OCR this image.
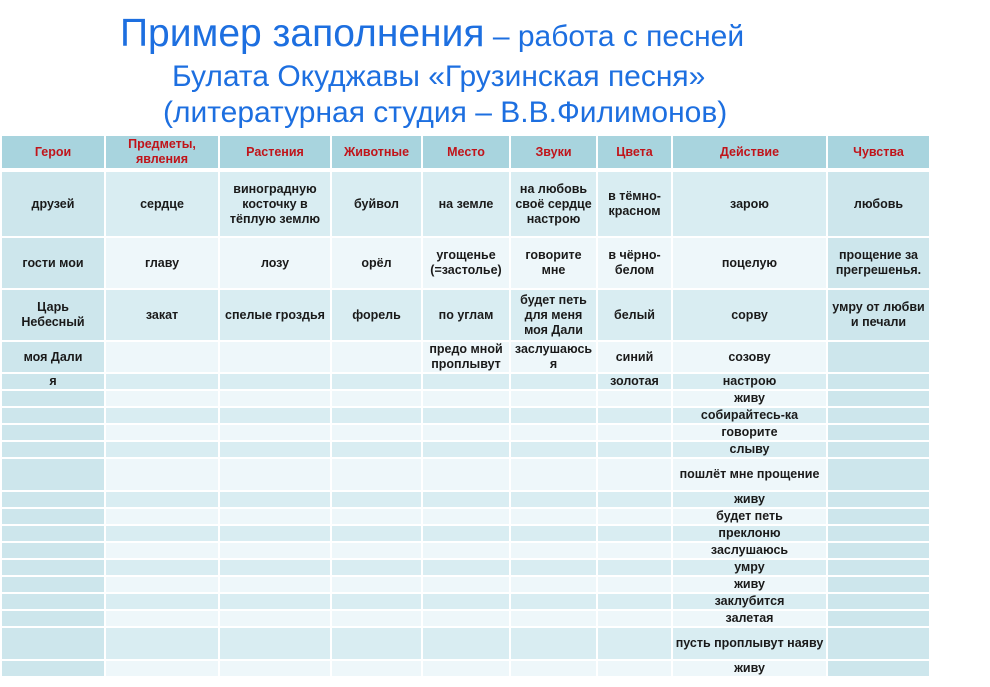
Пример заполнения – работа с песней
Булата Окуджавы «Грузинская песня»
(литературная студия – В.В.Филимонов)
Герои	Предметы, явления	Растения	Животные	Место	Звуки	Цвета	Действие	Чувства

друзей	сердце	виноградную косточку в тёплую землю	буйвол	на земле	на любовь своё сердце настрою	в тёмно-красном	зарою	любовь
гости мои	главу	лозу	орёл	угощенье (=застолье)	говорите мне	в чёрно-белом	поцелую	прощение за прегрешенья.
Царь Небесный	закат	спелые гроздья	форель	по углам	будет петь для меня моя Дали	белый	сорву	умру от любви и печали
моя Дали				предо мной проплывут	заслушаюсь я	синий	созову	
я						золотая	настрою	
							живу	
							собирайтесь-ка	
							говорите	
							слыву	
							пошлёт мне прощение	
							живу	
							будет петь	
							преклоню	
							заслушаюсь	
							умру	
							живу	
							заклубится	
							залетая	
							пусть проплывут наяву	
							живу	
